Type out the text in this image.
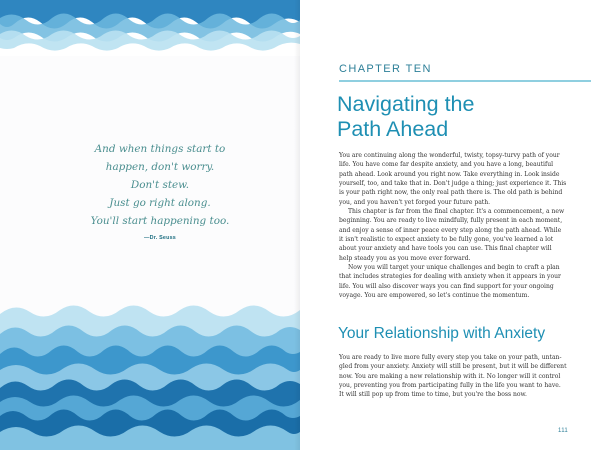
And when things start to
happen, don't worry.
Don't stew.
Just go right along.
You'll start happening too.
—Dr. Seuss
CHAPTER TEN
Navigating the
Path Ahead

You are continuing along the wonderful, twisty, topsy-turvy path of your
life. You have come far despite anxiety, and you have a long, beautiful
path ahead. Look around you right now. Take everything in. Look inside
yourself, too, and take that in. Don't judge a thing; just experience it. This
is your path right now, the only real path there is. The old path is behind
you, and you haven't yet forged your future path.

This chapter is far from the final chapter. It's a commencement, a new
beginning. You are ready to live mindfully, fully present in each moment,
and enjoy a sense of inner peace every step along the path ahead. While
it isn't realistic to expect anxiety to be fully gone, you've learned a lot
about your anxiety and have tools you can use. This final chapter will
help steady you as you move ever forward.

Now you will target your unique challenges and begin to craft a plan
that includes strategies for dealing with anxiety when it appears in your
life. You will also discover ways you can find support for your ongoing
voyage. You are empowered, so let's continue the momentum.

Your Relationship with Anxiety

You are ready to live more fully every step you take on your path, untan-
gled from your anxiety. Anxiety will still be present, but it will be different
now. You are making a new relationship with it. No longer will it control
you, preventing you from participating fully in the life you want to have.
It will still pop up from time to time, but you're the boss now.

111
